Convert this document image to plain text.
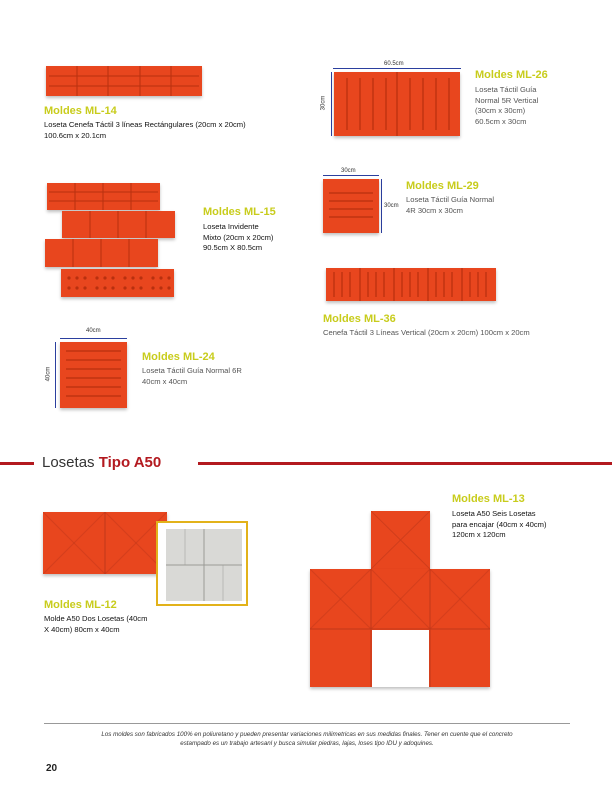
Moldes ML-14
Loseta Cenefa Táctil 3 líneas Rectángulares (20cm x 20cm)
100.6cm x 20.1cm
60.5cm
30cm
Moldes ML-26
Loseta Táctil Guía
Normal 5R Vertical
(30cm x 30cm)
60.5cm x 30cm
Moldes ML-15
Loseta Invidente
Mixto (20cm x 20cm)
90.5cm X 80.5cm
30cm
30cm
Moldes ML-29
Loseta Táctil Guía Normal
4R 30cm x 30cm
Moldes ML-36
Cenefa Táctil 3 Líneas Vertical (20cm x 20cm) 100cm x 20cm
40cm
40cm
Moldes ML-24
Loseta Táctil Guía Normal 6R
40cm x 40cm
Losetas Tipo A50
Moldes ML-12
Molde A50 Dos Losetas (40cm
X 40cm) 80cm x 40cm
Moldes ML-13
Loseta A50 Seis Losetas
para encajar (40cm x 40cm)
120cm x 120cm
Los moldes son fabricados 100% en poliuretano y pueden presentar variaciones milimetricas en sus medidas finales. Tener en cuente que el concreto
estampado es un trabajo artesanl y busca simular piedras, lajas, loses tipo IDU y adoquines.
20
